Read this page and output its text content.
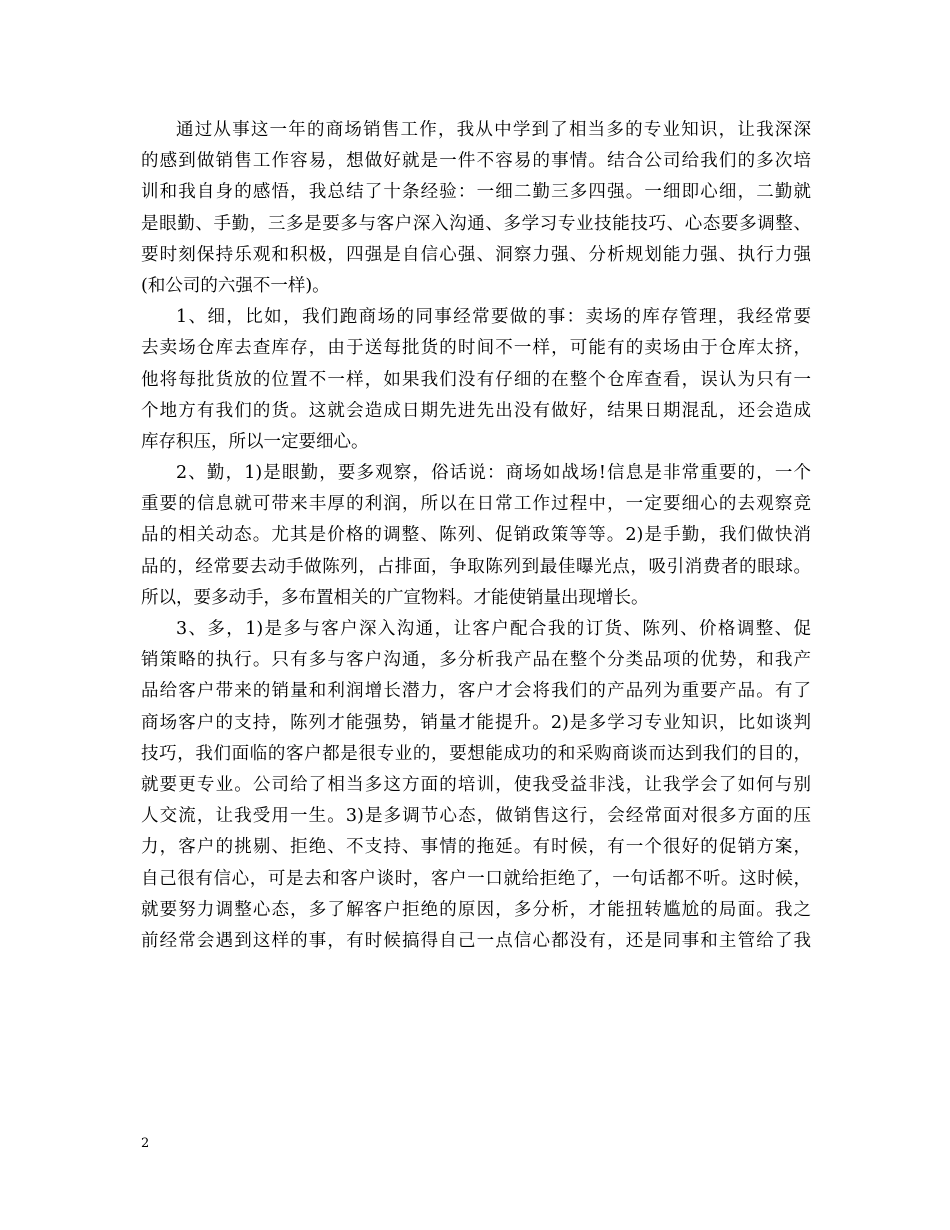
通过从事这一年的商场销售工作，我从中学到了相当多的专业知识，让我深深
的感到做销售工作容易，想做好就是一件不容易的事情。结合公司给我们的多次培
训和我自身的感悟，我总结了十条经验：一细二勤三多四强。一细即心细，二勤就
是眼勤、手勤，三多是要多与客户深入沟通、多学习专业技能技巧、心态要多调整、
要时刻保持乐观和积极，四强是自信心强、洞察力强、分析规划能力强、执行力强
(和公司的六强不一样)。
1、细，比如，我们跑商场的同事经常要做的事：卖场的库存管理，我经常要
去卖场仓库去查库存，由于送每批货的时间不一样，可能有的卖场由于仓库太挤，
他将每批货放的位置不一样，如果我们没有仔细的在整个仓库查看，误认为只有一
个地方有我们的货。这就会造成日期先进先出没有做好，结果日期混乱，还会造成
库存积压，所以一定要细心。
2、勤，1)是眼勤，要多观察，俗话说：商场如战场!信息是非常重要的，一个
重要的信息就可带来丰厚的利润，所以在日常工作过程中，一定要细心的去观察竞
品的相关动态。尤其是价格的调整、陈列、促销政策等等。2)是手勤，我们做快消
品的，经常要去动手做陈列，占排面，争取陈列到最佳曝光点，吸引消费者的眼球。
所以，要多动手，多布置相关的广宣物料。才能使销量出现增长。
3、多，1)是多与客户深入沟通，让客户配合我的订货、陈列、价格调整、促
销策略的执行。只有多与客户沟通，多分析我产品在整个分类品项的优势，和我产
品给客户带来的销量和利润增长潜力，客户才会将我们的产品列为重要产品。有了
商场客户的支持，陈列才能强势，销量才能提升。2)是多学习专业知识，比如谈判
技巧，我们面临的客户都是很专业的，要想能成功的和采购商谈而达到我们的目的，
就要更专业。公司给了相当多这方面的培训，使我受益非浅，让我学会了如何与别
人交流，让我受用一生。3)是多调节心态，做销售这行，会经常面对很多方面的压
力，客户的挑剔、拒绝、不支持、事情的拖延。有时候，有一个很好的促销方案，
自己很有信心，可是去和客户谈时，客户一口就给拒绝了，一句话都不听。这时候，
就要努力调整心态，多了解客户拒绝的原因，多分析，才能扭转尴尬的局面。我之
前经常会遇到这样的事，有时候搞得自己一点信心都没有，还是同事和主管给了我
2
